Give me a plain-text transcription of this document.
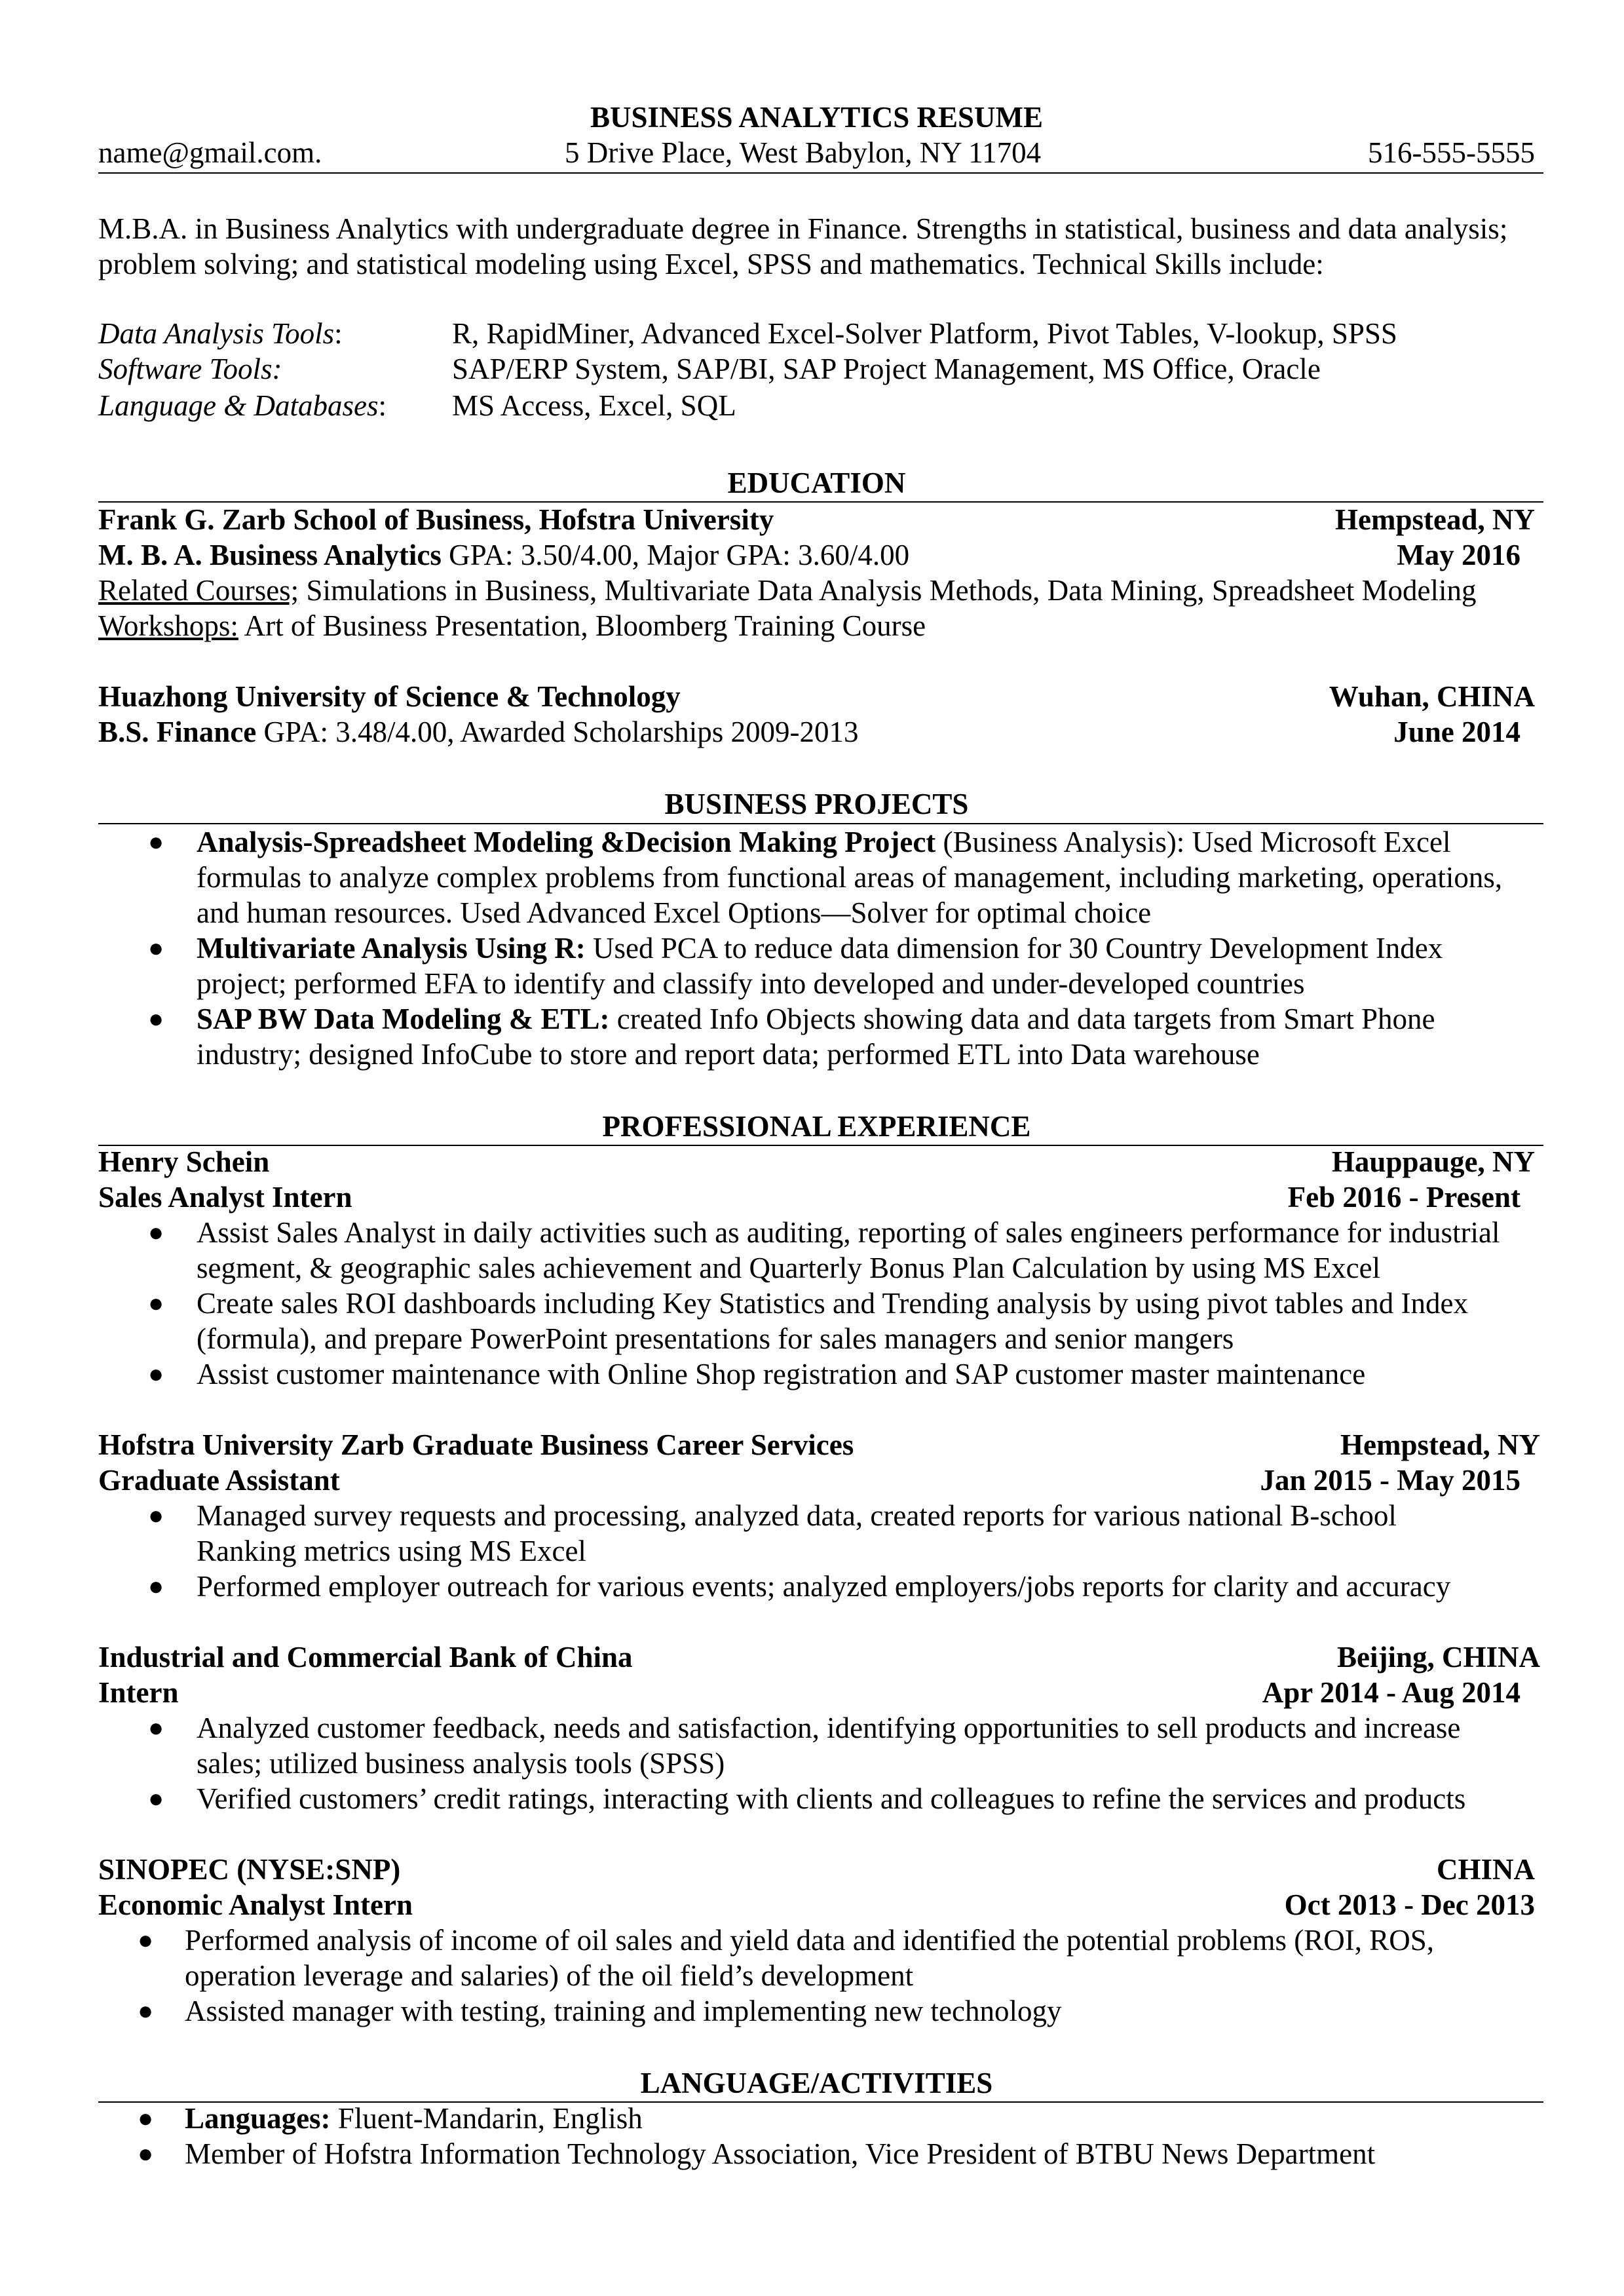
BUSINESS ANALYTICS RESUME
name@gmail.com.	5 Drive Place, West Babylon, NY 11704	516-555-5555
M.B.A. in Business Analytics with undergraduate degree in Finance. Strengths in statistical, business and data analysis;
problem solving; and statistical modeling using Excel, SPSS and mathematics. Technical Skills include:
Data Analysis Tools:	R, RapidMiner, Advanced Excel-Solver Platform, Pivot Tables, V-lookup, SPSS
Software Tools:	SAP/ERP System, SAP/BI, SAP Project Management, MS Office, Oracle
Language & Databases: MS Access, Excel, SQL
EDUCATION
Frank G. Zarb School of Business, Hofstra University	Hempstead, NY
M. B. A. Business Analytics GPA: 3.50/4.00, Major GPA: 3.60/4.00	May 2016
Related Courses; Simulations in Business, Multivariate Data Analysis Methods, Data Mining, Spreadsheet Modeling
Workshops: Art of Business Presentation, Bloomberg Training Course
Huazhong University of Science & Technology	Wuhan, CHINA
B.S. Finance GPA: 3.48/4.00, Awarded Scholarships 2009-2013	June 2014
BUSINESS PROJECTS
● Analysis-Spreadsheet Modeling &Decision Making Project (Business Analysis): Used Microsoft Excel
formulas to analyze complex problems from functional areas of management, including marketing, operations,
and human resources. Used Advanced Excel Options—Solver for optimal choice
● Multivariate Analysis Using R: Used PCA to reduce data dimension for 30 Country Development Index
project; performed EFA to identify and classify into developed and under-developed countries
● SAP BW Data Modeling & ETL: created Info Objects showing data and data targets from Smart Phone
industry; designed InfoCube to store and report data; performed ETL into Data warehouse
PROFESSIONAL EXPERIENCE
Henry Schein	Hauppauge, NY
Sales Analyst Intern	Feb 2016 - Present
● Assist Sales Analyst in daily activities such as auditing, reporting of sales engineers performance for industrial
segment, & geographic sales achievement and Quarterly Bonus Plan Calculation by using MS Excel
● Create sales ROI dashboards including Key Statistics and Trending analysis by using pivot tables and Index
(formula), and prepare PowerPoint presentations for sales managers and senior mangers
● Assist customer maintenance with Online Shop registration and SAP customer master maintenance
Hofstra University Zarb Graduate Business Career Services	Hempstead, NY
Graduate Assistant	Jan 2015 - May 2015
● Managed survey requests and processing, analyzed data, created reports for various national B-school
Ranking metrics using MS Excel
● Performed employer outreach for various events; analyzed employers/jobs reports for clarity and accuracy
Industrial and Commercial Bank of China	Beijing, CHINA
Intern	Apr 2014 - Aug 2014
● Analyzed customer feedback, needs and satisfaction, identifying opportunities to sell products and increase
sales; utilized business analysis tools (SPSS)
● Verified customers’ credit ratings, interacting with clients and colleagues to refine the services and products
SINOPEC (NYSE:SNP)	CHINA
Economic Analyst Intern	Oct 2013 - Dec 2013
● Performed analysis of income of oil sales and yield data and identified the potential problems (ROI, ROS,
operation leverage and salaries) of the oil field’s development
● Assisted manager with testing, training and implementing new technology
LANGUAGE/ACTIVITIES
● Languages: Fluent-Mandarin, English
● Member of Hofstra Information Technology Association, Vice President of BTBU News Department
